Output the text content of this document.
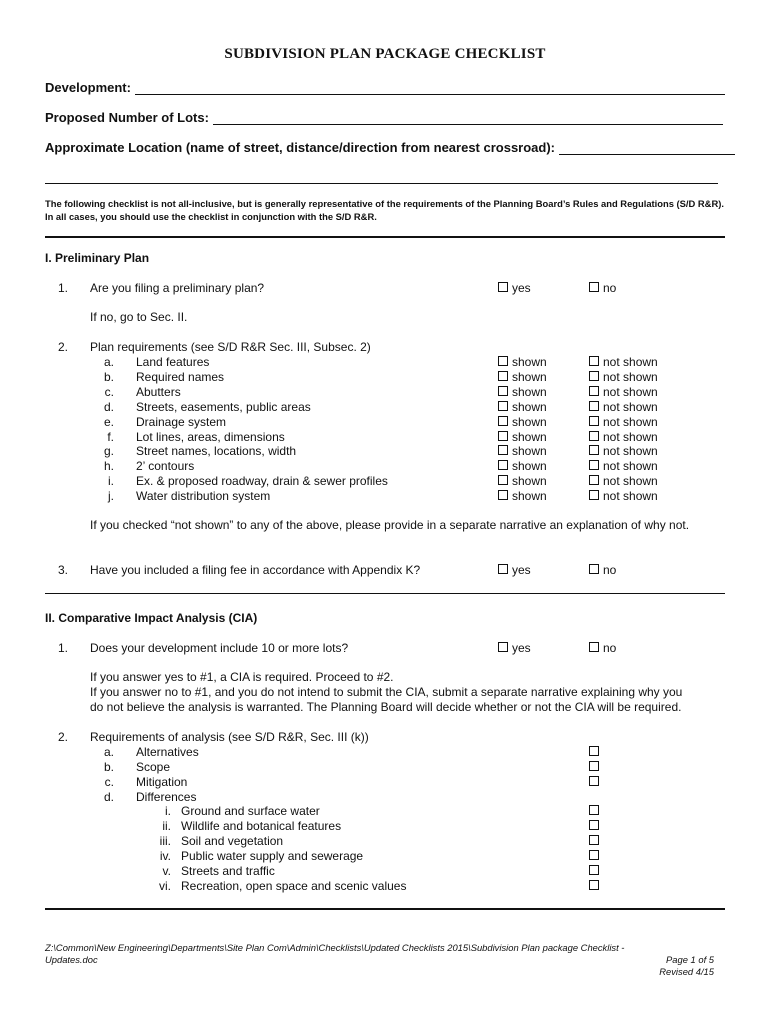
SUBDIVISION PLAN PACKAGE CHECKLIST
Development:
Proposed Number of Lots:
Approximate Location (name of street, distance/direction from nearest crossroad):
The following checklist is not all-inclusive, but is generally representative of the requirements of the Planning Board’s Rules and Regulations (S/D R&R). In all cases, you should use the checklist in conjunction with the S/D R&R.
I. Preliminary Plan
1. Are you filing a preliminary plan?	yes	no
If no, go to Sec. II.
2. Plan requirements (see S/D R&R Sec. III, Subsec. 2)
a. Land features	shown	not shown
b. Required names	shown	not shown
c. Abutters	shown	not shown
d. Streets, easements, public areas	shown	not shown
e. Drainage system	shown	not shown
f. Lot lines, areas, dimensions	shown	not shown
g. Street names, locations, width	shown	not shown
h. 2’ contours	shown	not shown
i. Ex. & proposed roadway, drain & sewer profiles	shown	not shown
j. Water distribution system	shown	not shown
If you checked “not shown” to any of the above, please provide in a separate narrative an explanation of why not.
3. Have you included a filing fee in accordance with Appendix K?	yes	no
II. Comparative Impact Analysis (CIA)
1. Does your development include 10 or more lots?	yes	no
If you answer yes to #1, a CIA is required. Proceed to #2.
If you answer no to #1, and you do not intend to submit the CIA, submit a separate narrative explaining why you
do not believe the analysis is warranted. The Planning Board will decide whether or not the CIA will be required.
2. Requirements of analysis (see S/D R&R, Sec. III (k))
a. Alternatives
b. Scope
c. Mitigation
d. Differences
i. Ground and surface water
ii. Wildlife and botanical features
iii. Soil and vegetation
iv. Public water supply and sewerage
v. Streets and traffic
vi. Recreation, open space and scenic values
Z:\Common\New Engineering\Departments\Site Plan Com\Admin\Checklists\Updated Checklists 2015\Subdivision Plan package Checklist -
Updates.doc	Page 1 of 5
Revised 4/15
